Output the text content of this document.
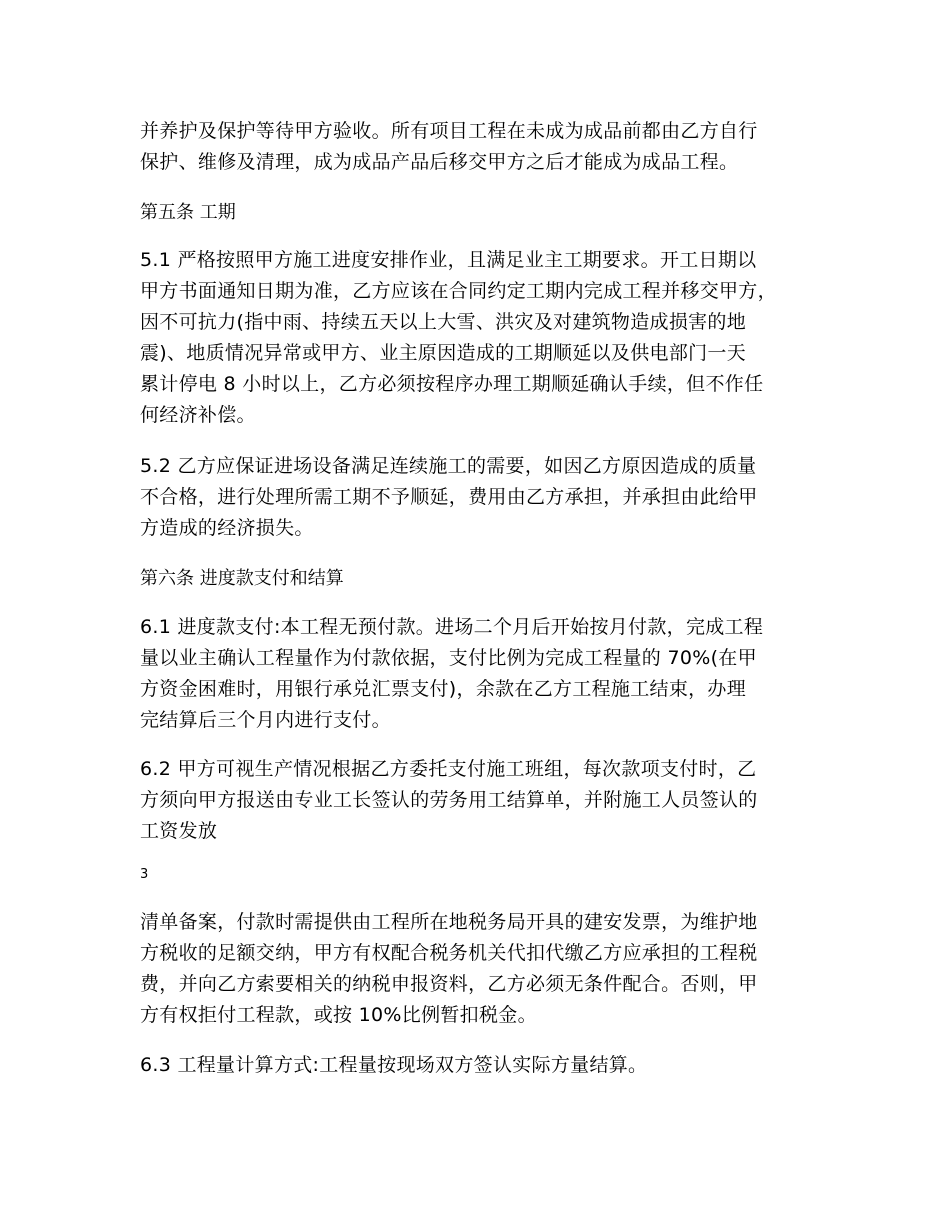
并养护及保护等待甲方验收。所有项目工程在未成为成品前都由乙方自行
保护、维修及清理，成为成品产品后移交甲方之后才能成为成品工程。

第五条 工期

5.1 严格按照甲方施工进度安排作业，且满足业主工期要求。开工日期以
甲方书面通知日期为准，乙方应该在合同约定工期内完成工程并移交甲方，
因不可抗力(指中雨、持续五天以上大雪、洪灾及对建筑物造成损害的地
震)、地质情况异常或甲方、业主原因造成的工期顺延以及供电部门一天
累计停电 8 小时以上，乙方必须按程序办理工期顺延确认手续，但不作任
何经济补偿。

5.2 乙方应保证进场设备满足连续施工的需要，如因乙方原因造成的质量
不合格，进行处理所需工期不予顺延，费用由乙方承担，并承担由此给甲
方造成的经济损失。

第六条 进度款支付和结算

6.1 进度款支付:本工程无预付款。进场二个月后开始按月付款，完成工程
量以业主确认工程量作为付款依据，支付比例为完成工程量的 70%(在甲
方资金困难时，用银行承兑汇票支付)，余款在乙方工程施工结束，办理
完结算后三个月内进行支付。

6.2 甲方可视生产情况根据乙方委托支付施工班组，每次款项支付时，乙
方须向甲方报送由专业工长签认的劳务用工结算单，并附施工人员签认的
工资发放

3

清单备案，付款时需提供由工程所在地税务局开具的建安发票，为维护地
方税收的足额交纳，甲方有权配合税务机关代扣代缴乙方应承担的工程税
费，并向乙方索要相关的纳税申报资料，乙方必须无条件配合。否则，甲
方有权拒付工程款，或按 10%比例暂扣税金。

6.3 工程量计算方式:工程量按现场双方签认实际方量结算。
